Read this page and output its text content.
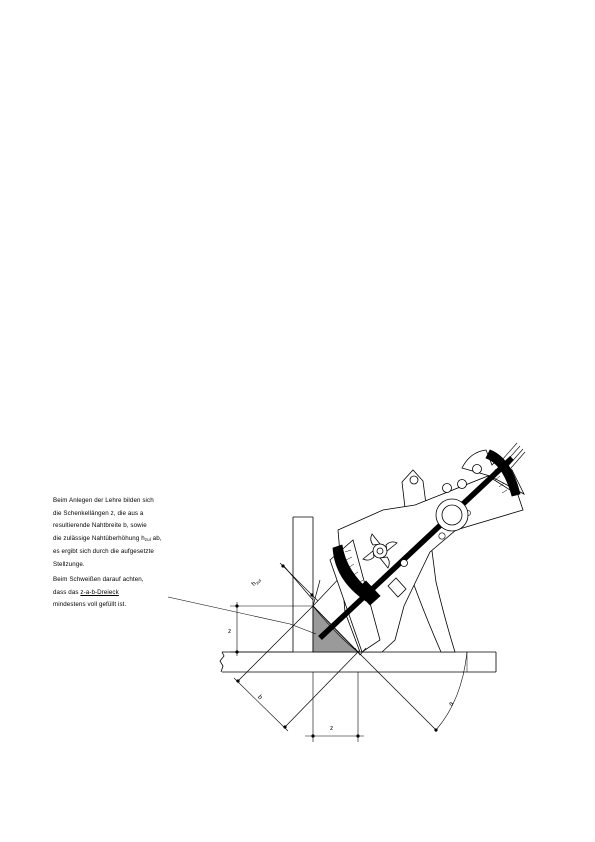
Beim Anlegen der Lehre bilden sich
die Schenkellängen z, die aus a
resultierende Nahtbreite b, sowie
die zulässige Nahtüberhöhung $h_{zul}$ ab,
es ergibt sich durch die aufgesetzte
Stellzunge.
Beim Schweißen darauf achten,
dass das z-a-b-Dreieck
mindestens voll gefüllt ist.
z
z
b
$h_{zul}$
a
